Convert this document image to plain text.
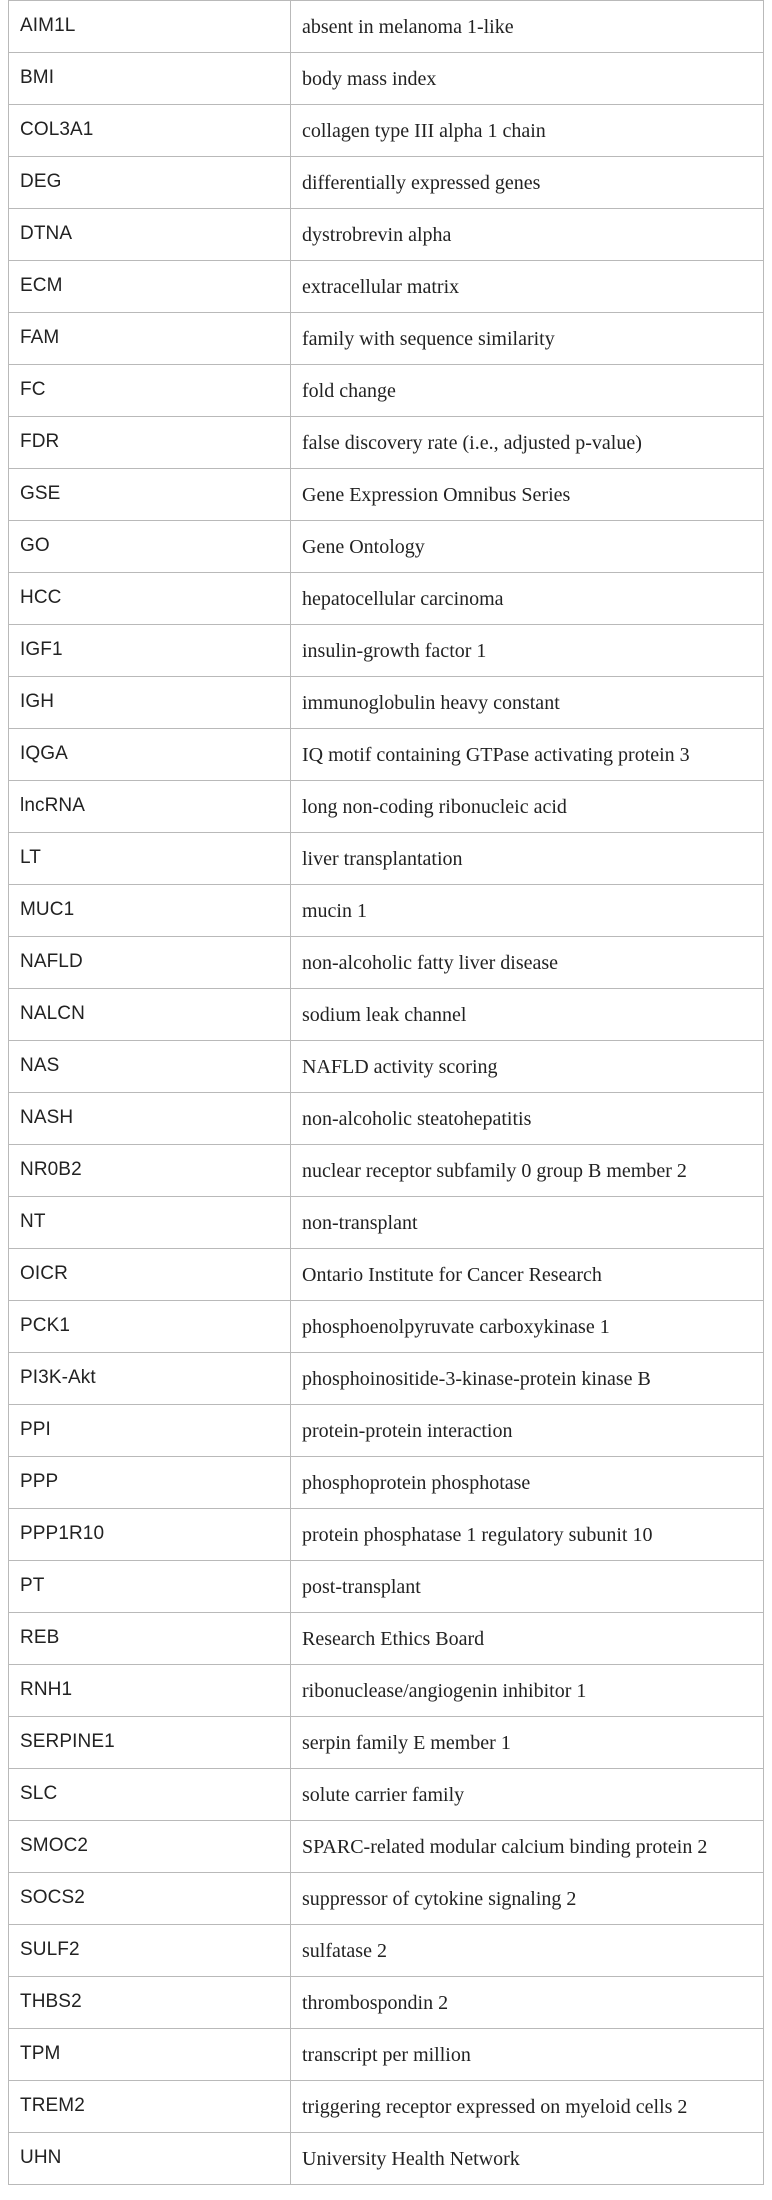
AIM1L	absent in melanoma 1-like
BMI	body mass index
COL3A1	collagen type III alpha 1 chain
DEG	differentially expressed genes
DTNA	dystrobrevin alpha
ECM	extracellular matrix
FAM	family with sequence similarity
FC	fold change
FDR	false discovery rate (i.e., adjusted p-value)
GSE	Gene Expression Omnibus Series
GO	Gene Ontology
HCC	hepatocellular carcinoma
IGF1	insulin-growth factor 1
IGH	immunoglobulin heavy constant
IQGA	IQ motif containing GTPase activating protein 3
lncRNA	long non-coding ribonucleic acid
LT	liver transplantation
MUC1	mucin 1
NAFLD	non-alcoholic fatty liver disease
NALCN	sodium leak channel
NAS	NAFLD activity scoring
NASH	non-alcoholic steatohepatitis
NR0B2	nuclear receptor subfamily 0 group B member 2
NT	non-transplant
OICR	Ontario Institute for Cancer Research
PCK1	phosphoenolpyruvate carboxykinase 1
PI3K-Akt	phosphoinositide-3-kinase-protein kinase B
PPI	protein-protein interaction
PPP	phosphoprotein phosphotase
PPP1R10	protein phosphatase 1 regulatory subunit 10
PT	post-transplant
REB	Research Ethics Board
RNH1	ribonuclease/angiogenin inhibitor 1
SERPINE1	serpin family E member 1
SLC	solute carrier family
SMOC2	SPARC-related modular calcium binding protein 2
SOCS2	suppressor of cytokine signaling 2
SULF2	sulfatase 2
THBS2	thrombospondin 2
TPM	transcript per million
TREM2	triggering receptor expressed on myeloid cells 2
UHN	University Health Network
